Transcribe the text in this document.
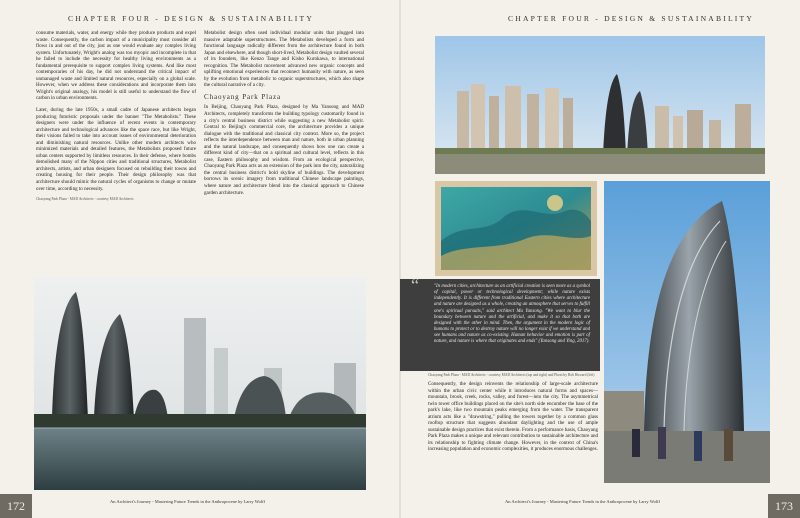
CHAPTER FOUR - DESIGN & SUSTAINABILITY	CHAPTER FOUR - DESIGN & SUSTAINABILITY

consume materials, water, and energy while they produce products and expel waste. Consequently, the carbon impact of a municipality must consider all flows in and out of the city, just as one would evaluate any complex living system. Unfortunately, Wright's analog was too myopic and incomplete in that he failed to include the necessity for healthy living environments as a fundamental prerequisite to support complex living systems. And like most contemporaries of his day, he did not understand the critical impact of unmanaged waste and limited natural resources, especially on a global scale. However, when we address these considerations and incorporate them into Wright's original analogy, his model is still useful to understand the flow of carbon in urban environments.

Later, during the late 1950s, a small cadre of Japanese architects began producing futuristic proposals under the banner "The Metabolists." These designers were under the influence of recent events in contemporary architecture and technological advances like the space race, but like Wright, their visions failed to take into account issues of environmental deterioration and diminishing natural resources. Unlike other modern architects who minimized materials and detailed features, the Metabolists proposed future urban centers supported by limitless resources. In their defense, where bombs demolished many of the Nippon cities and traditional structures, Metabolist architects, artists, and urban designers focused on rebuilding their towns and creating housing for their people. Their design philosophy was that architecture should mimic the natural cycles of organisms to change or mutate over time, according to necessity.

Chaoyang Park Plaza - MAD Architects - courtesy MAD Architects

Metabolist design often used individual modular units that plugged into massive adaptable superstructures. The Metabolists developed a form and functional language radically different from the architecture found in both Japan and elsewhere, and though short-lived, Metabolist design vaulted several of its founders, like Kenzo Tange and Kisho Kurokawa, to international recognition. The Metabolist movement advanced new organic concepts and uplifting emotional experiences that reconnect humanity with nature, as seen by the evolution from metabolic to organic superstructures, which also shape the cultural narrative of a city.

Chaoyang Park Plaza

In Beijing, Chaoyang Park Plaza, designed by Ma Yansong and MAD Architects, completely transforms the building typology customarily found in a city's central business district while suggesting a new Metabolist spirit. Central to Beijing's commercial core, the architecture provides a unique dialogue with the traditional and classical city context. More so, the project reflects the interdependence between man and nature, both in urban planning and the natural landscape, and consequently shows how one can create a different kind of city—that on a spiritual and cultural level, reflects in this case, Eastern philosophy and wisdom. From an ecological perspective, Chaoyang Park Plaza acts as an extension of the park into the city, naturalizing the central business district's bold skyline of buildings. The development borrows its scenic imagery from traditional Chinese landscape paintings, where nature and architecture blend into the classical approach to Chinese garden architecture.

“	"In modern cities, architecture as an artificial creation is seen more as a symbol of capital, power or technological development; while nature exists independently. It is different from traditional Eastern cities where architecture and nature are designed as a whole, creating an atmosphere that serves to fulfill one's spiritual pursuits," said architect Ma Yansong. "We want to blur the boundary between nature and the artificial, and make it so that both are designed with the other in mind. Then, the argument in the modern logic of humans to protect or to destroy nature will no longer exist if we understand and see humans and nature as co-existing. Human behavior and emotion is part of nature, and nature is where that originates and ends" (Yansong and Ying, 2017).
Chaoyang Park Plaza - MAD Architects - courtesy MAD Architects (top and right) and Photo by Bob Howard (left)

Consequently, the design reinvents the relationship of large-scale architecture within the urban civic center while it introduces natural forms and spaces—mountain, brook, creek, rocks, valley, and forest—into the city. The asymmetrical twin tower office buildings placed on the site's north side encumber the base of the park's lake, like two mountain peaks emerging from the water. The transparent atrium acts like a "drawstring," pulling the towers together by a common glass rooftop structure that suggests abundant daylighting and the use of ample sustainable design practices that exist therein. From a performance basis, Chaoyang Park Plaza makes a unique and relevant contribution to sustainable architecture and its relationship to fighting climate change. However, in the context of China's increasing population and economic complexities, it produces enormous challenges.

172	An Architect's Journey - Mastering Future Trends in the Anthropocene by Larry Wolff	An Architect's Journey - Mastering Future Trends in the Anthropocene by Larry Wolff	173
